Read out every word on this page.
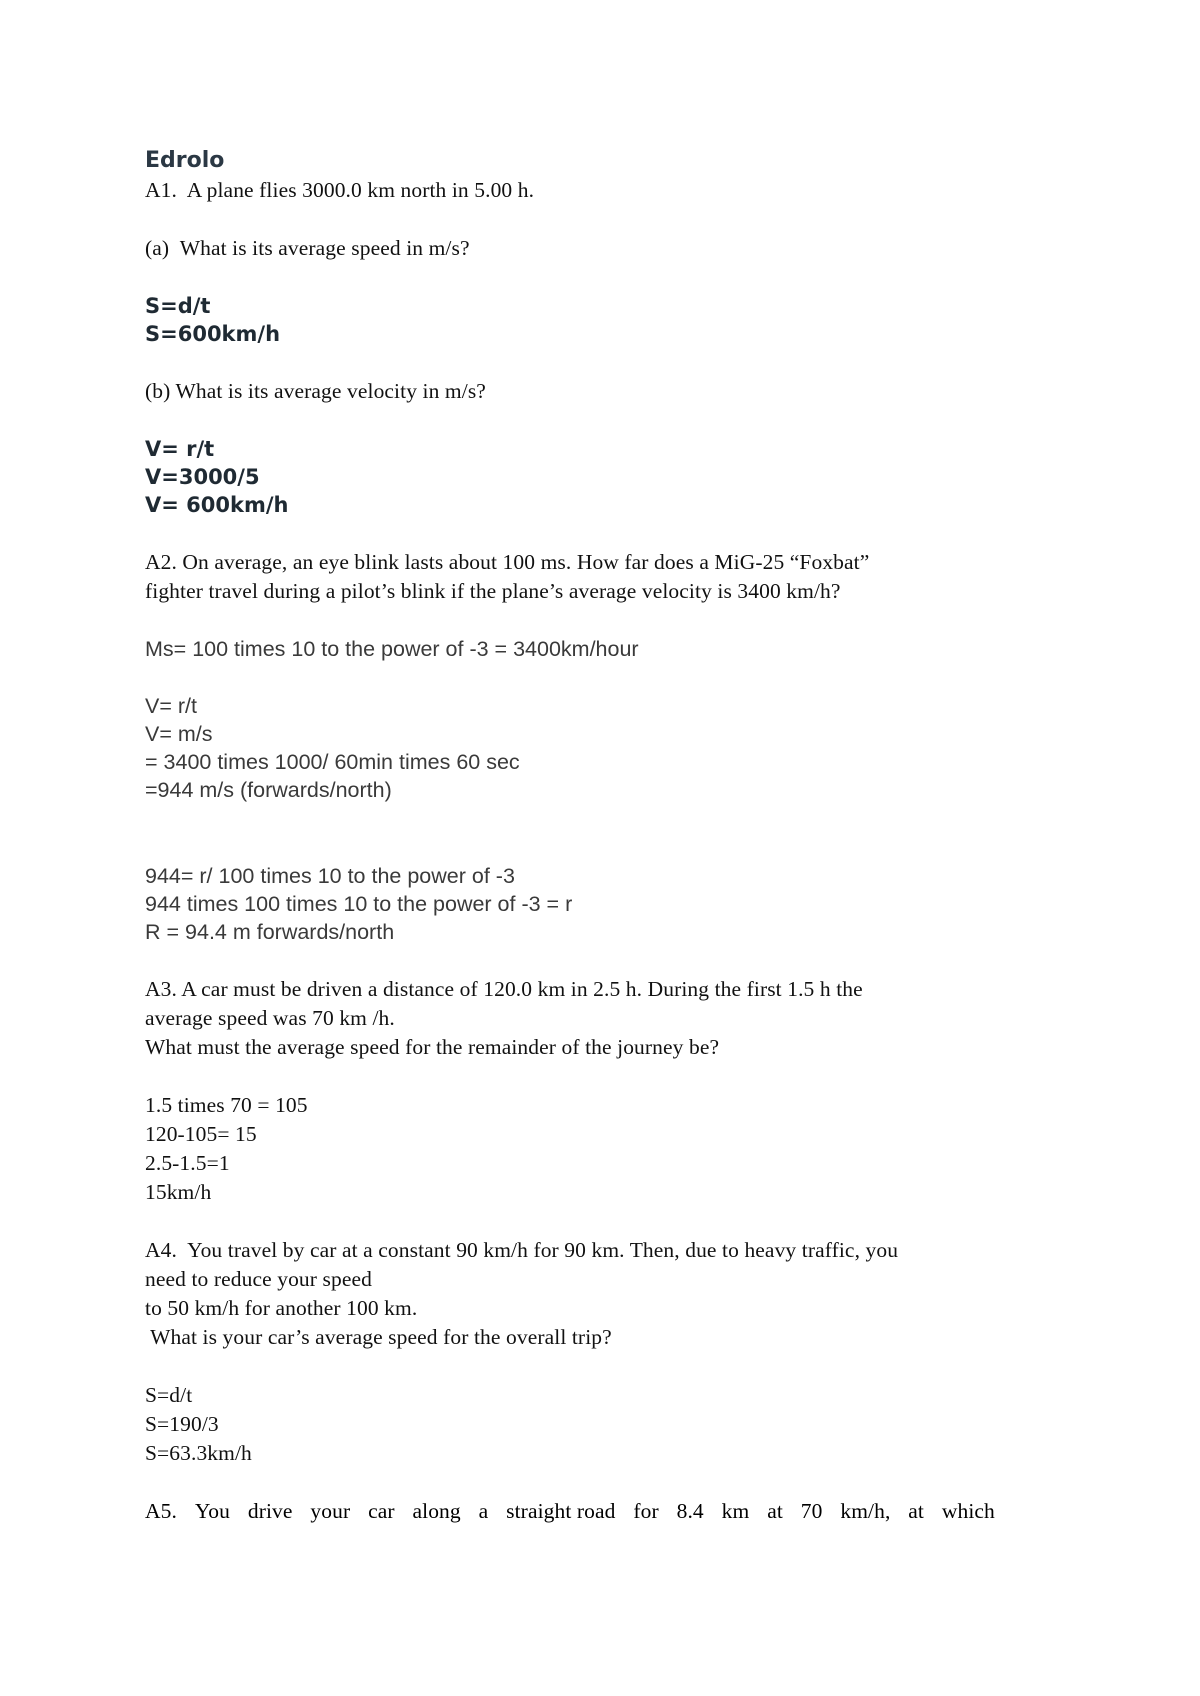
Edrolo
A1.  A plane flies 3000.0 km north in 5.00 h.
(a)  What is its average speed in m/s?
S=d/t
S=600km/h
(b) What is its average velocity in m/s?
V= r/t
V=3000/5
V= 600km/h
A2. On average, an eye blink lasts about 100 ms. How far does a MiG-25 “Foxbat”
fighter travel during a pilot’s blink if the plane’s average velocity is 3400 km/h?
Ms= 100 times 10 to the power of -3 = 3400km/hour
V= r/t
V= m/s
= 3400 times 1000/ 60min times 60 sec
=944 m/s (forwards/north)
944= r/ 100 times 10 to the power of -3
944 times 100 times 10 to the power of -3 = r
R = 94.4 m forwards/north
A3. A car must be driven a distance of 120.0 km in 2.5 h. During the first 1.5 h the
average speed was 70 km /h.
What must the average speed for the remainder of the journey be?
1.5 times 70 = 105
120-105= 15
2.5-1.5=1
15km/h
A4.  You travel by car at a constant 90 km/h for 90 km. Then, due to heavy traffic, you
need to reduce your speed
to 50 km/h for another 100 km.
What is your car’s average speed for the overall trip?
S=d/t
S=190/3
S=63.3km/h
A5. You drive your car along a straight road for 8.4 km at 70 km/h, at which
